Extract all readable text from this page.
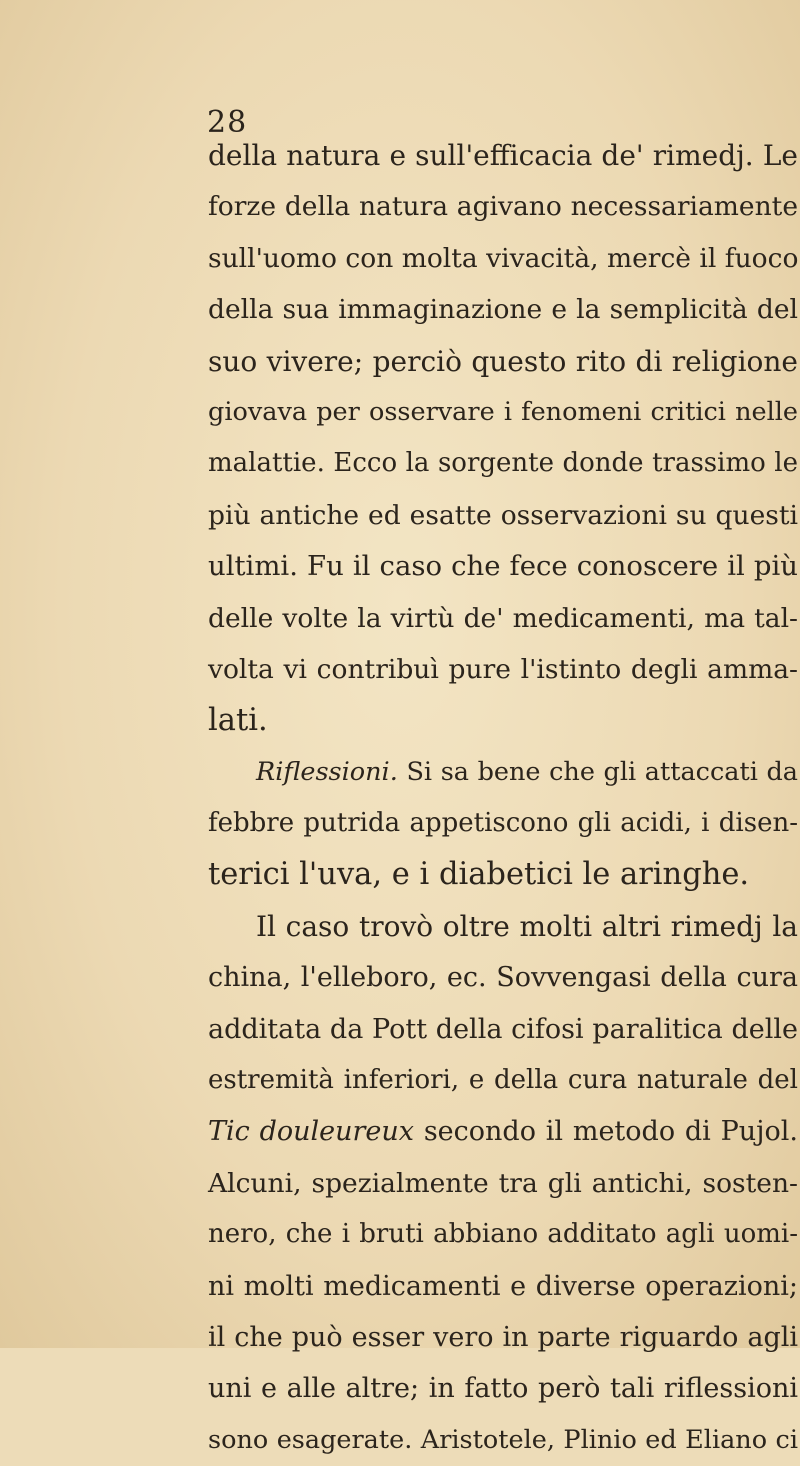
28
della natura e sull'efficacia de' rimedj. Le
forze della natura agivano necessariamente
sull'uomo con molta vivacità, mercè il fuoco
della sua immaginazione e la semplicità del
suo vivere; perciò questo rito di religione
giovava per osservare i fenomeni critici nelle
malattie. Ecco la sorgente donde trassimo le
più antiche ed esatte osservazioni su questi
ultimi. Fu il caso che fece conoscere il più
delle volte la virtù de' medicamenti, ma tal-
volta vi contribuì pure l'istinto degli amma-
lati.
Riflessioni. Si sa bene che gli attaccati da
febbre putrida appetiscono gli acidi, i disen-
terici l'uva, e i diabetici le aringhe.
Il caso trovò oltre molti altri rimedj la
china, l'elleboro, ec. Sovvengasi della cura
additata da Pott della cifosi paralitica delle
estremità inferiori, e della cura naturale del
Tic douleureux secondo il metodo di Pujol.
Alcuni, spezialmente tra gli antichi, sosten-
nero, che i bruti abbiano additato agli uomi-
ni molti medicamenti e diverse operazioni;
il che può esser vero in parte riguardo agli
uni e alle altre; in fatto però tali riflessioni
sono esagerate. Aristotele, Plinio ed Eliano ci
